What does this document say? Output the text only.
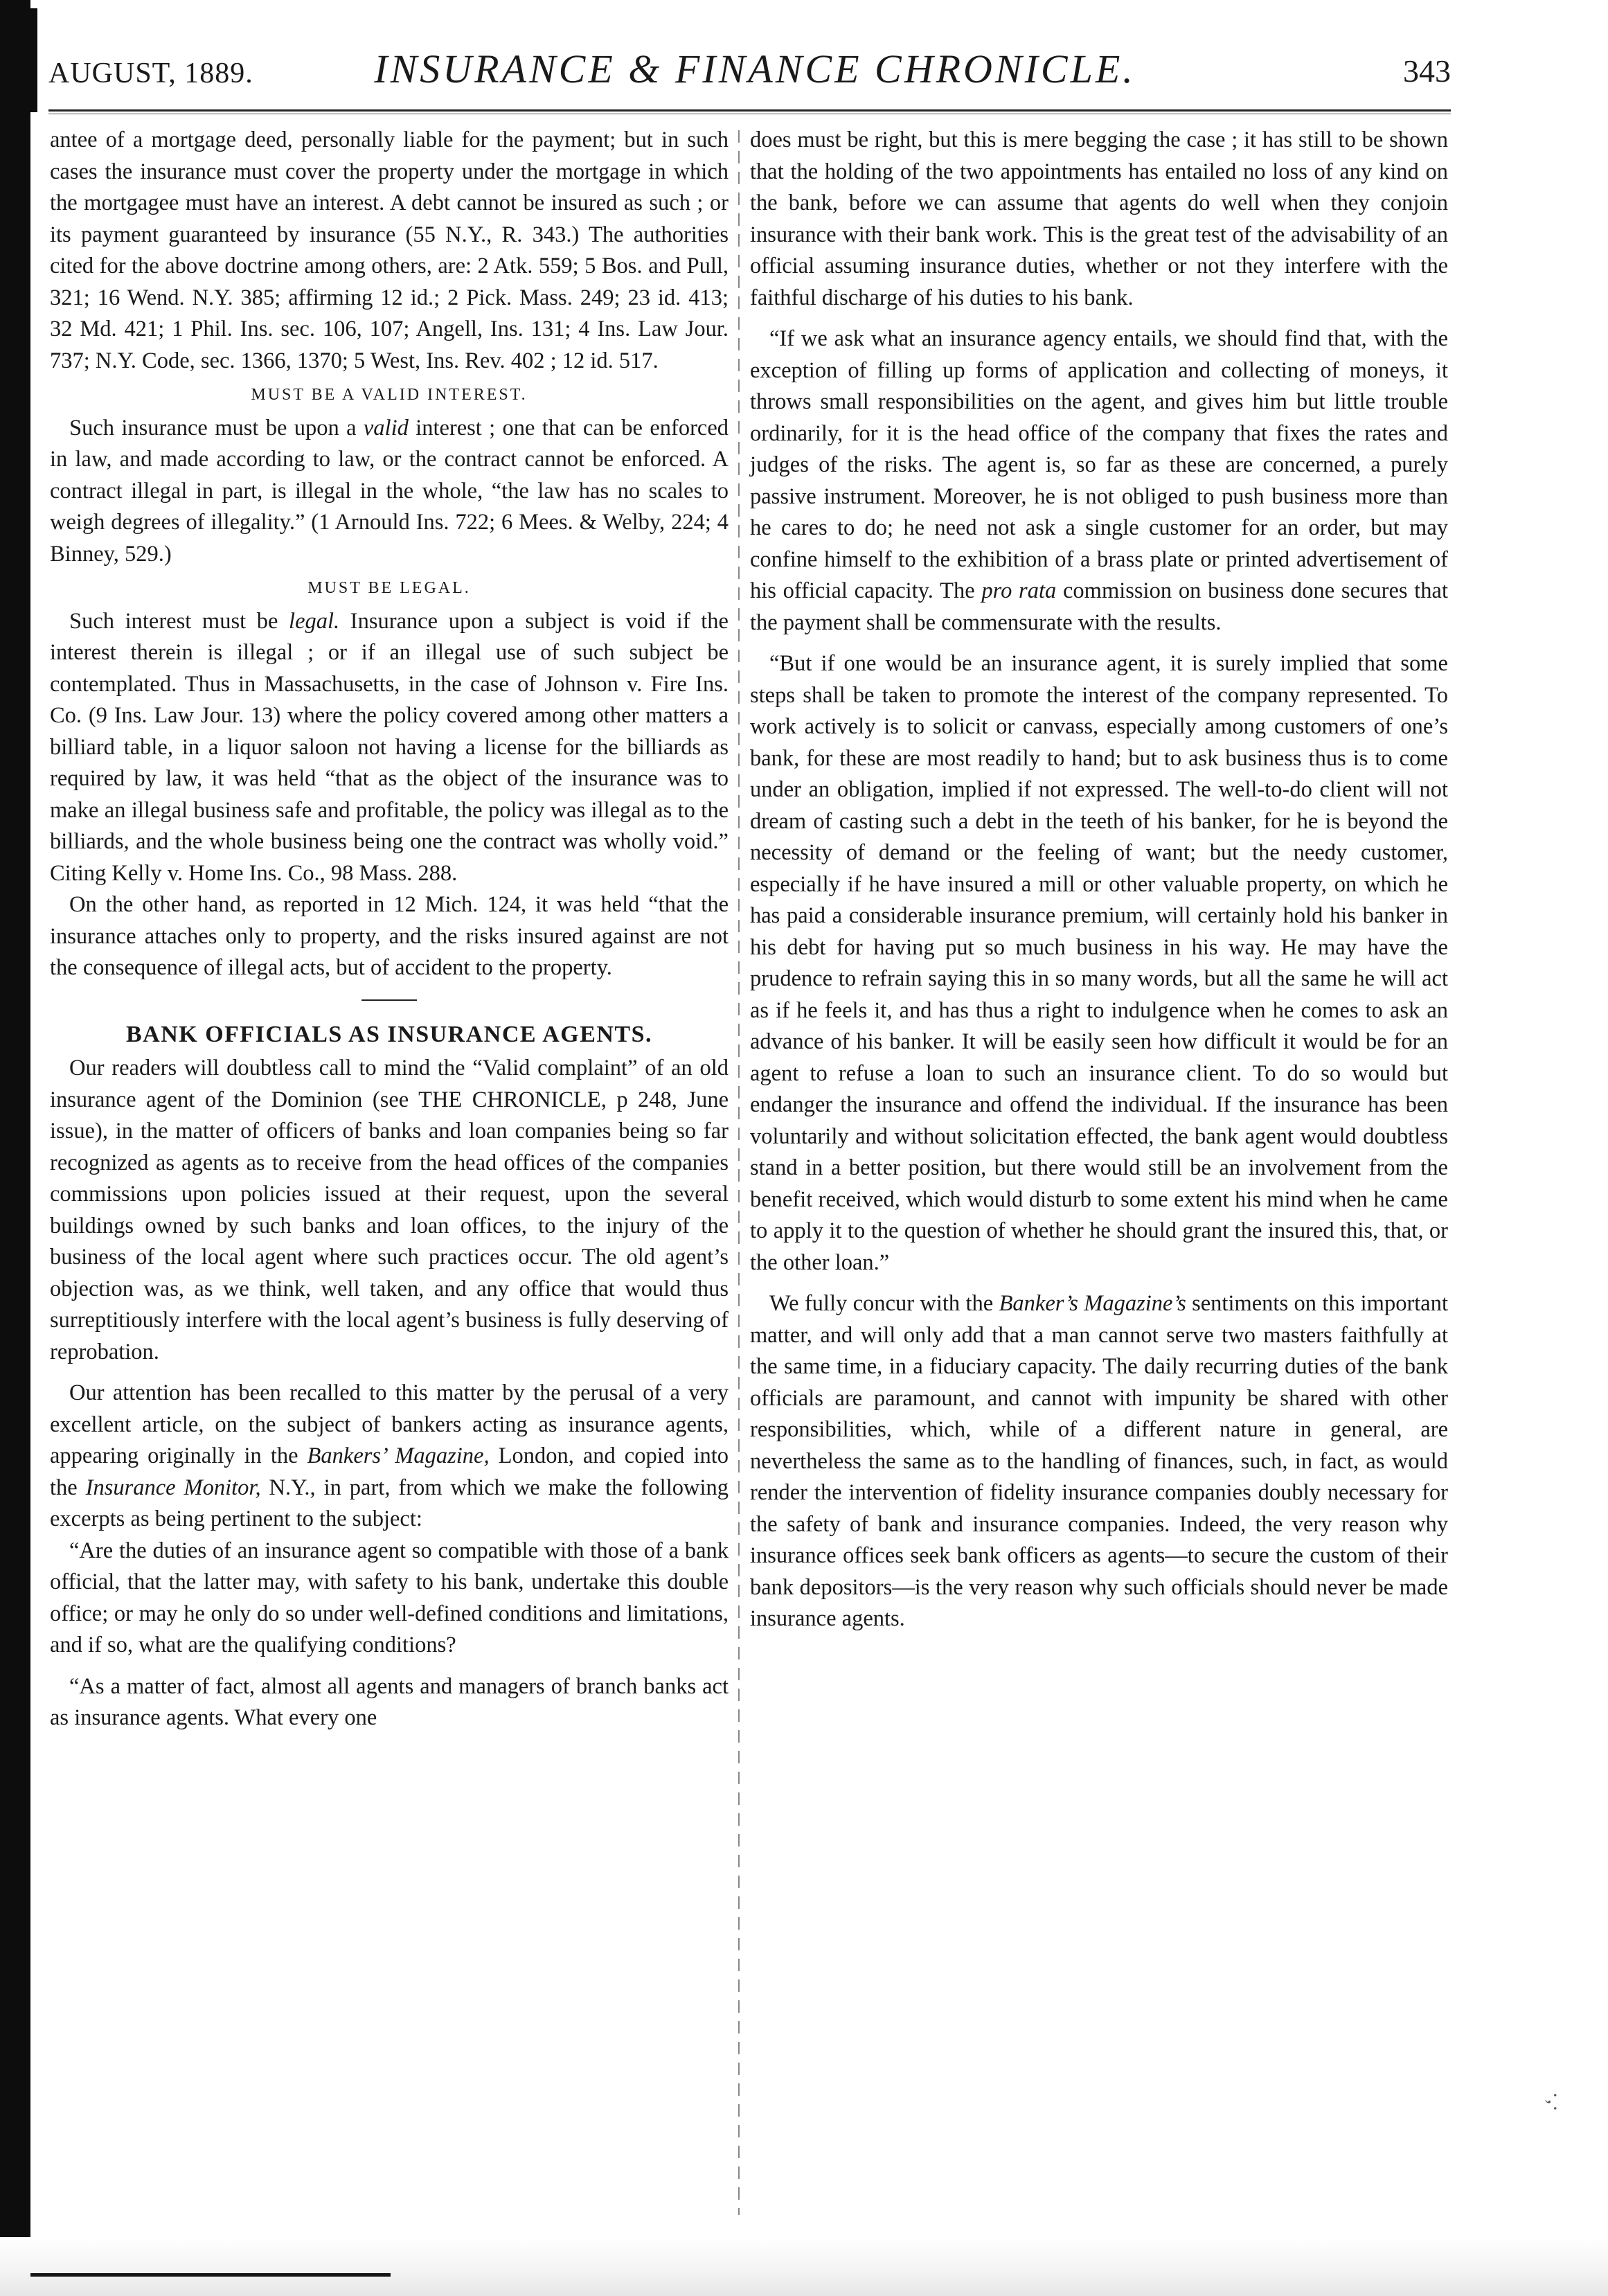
AUGUST, 1889.	INSURANCE & FINANCE CHRONICLE.	343

antee of a mortgage deed, personally liable for the payment; but in such cases the insurance must cover the property under the mortgage in which the mortgagee must have an interest. A debt cannot be insured as such ; or its payment guaranteed by insurance (55 N.Y., R. 343.) The authorities cited for the above doctrine among others, are: 2 Atk. 559; 5 Bos. and Pull, 321; 16 Wend. N.Y. 385; affirming 12 id.; 2 Pick. Mass. 249; 23 id. 413; 32 Md. 421; 1 Phil. Ins. sec. 106, 107; Angell, Ins. 131; 4 Ins. Law Jour. 737; N.Y. Code, sec. 1366, 1370; 5 West, Ins. Rev. 402 ; 12 id. 517.

MUST BE A VALID INTEREST.

Such insurance must be upon a valid interest ; one that can be enforced in law, and made according to law, or the contract cannot be enforced. A contract illegal in part, is illegal in the whole, “the law has no scales to weigh degrees of illegality.” (1 Arnould Ins. 722; 6 Mees. & Welby, 224; 4 Binney, 529.)

MUST BE LEGAL.

Such interest must be legal. Insurance upon a subject is void if the interest therein is illegal ; or if an illegal use of such subject be contemplated. Thus in Massachusetts, in the case of Johnson v. Fire Ins. Co. (9 Ins. Law Jour. 13) where the policy covered among other matters a billiard table, in a liquor saloon not having a license for the billiards as required by law, it was held “that as the object of the insurance was to make an illegal business safe and profitable, the policy was illegal as to the billiards, and the whole business being one the contract was wholly void.” Citing Kelly v. Home Ins. Co., 98 Mass. 288.

On the other hand, as reported in 12 Mich. 124, it was held “that the insurance attaches only to property, and the risks insured against are not the consequence of illegal acts, but of accident to the property.

BANK OFFICIALS AS INSURANCE AGENTS.

Our readers will doubtless call to mind the “Valid complaint” of an old insurance agent of the Dominion (see THE CHRONICLE, p 248, June issue), in the matter of officers of banks and loan companies being so far recognized as agents as to receive from the head offices of the companies commissions upon policies issued at their request, upon the several buildings owned by such banks and loan offices, to the injury of the business of the local agent where such practices occur. The old agent’s objection was, as we think, well taken, and any office that would thus surreptitiously interfere with the local agent’s business is fully deserving of reprobation.

Our attention has been recalled to this matter by the perusal of a very excellent article, on the subject of bankers acting as insurance agents, appearing originally in the Bankers’ Magazine, London, and copied into the Insurance Monitor, N.Y., in part, from which we make the following excerpts as being pertinent to the subject:

“Are the duties of an insurance agent so compatible with those of a bank official, that the latter may, with safety to his bank, undertake this double office; or may he only do so under well-defined conditions and limitations, and if so, what are the qualifying conditions?

“As a matter of fact, almost all agents and managers of branch banks act as insurance agents. What every one

does must be right, but this is mere begging the case ; it has still to be shown that the holding of the two appointments has entailed no loss of any kind on the bank, before we can assume that agents do well when they conjoin insurance with their bank work. This is the great test of the advisability of an official assuming insurance duties, whether or not they interfere with the faithful discharge of his duties to his bank.

“If we ask what an insurance agency entails, we should find that, with the exception of filling up forms of application and collecting of moneys, it throws small responsibilities on the agent, and gives him but little trouble ordinarily, for it is the head office of the company that fixes the rates and judges of the risks. The agent is, so far as these are concerned, a purely passive instrument. Moreover, he is not obliged to push business more than he cares to do; he need not ask a single customer for an order, but may confine himself to the exhibition of a brass plate or printed advertisement of his official capacity. The pro rata commission on business done secures that the payment shall be commensurate with the results.

“But if one would be an insurance agent, it is surely implied that some steps shall be taken to promote the interest of the company represented. To work actively is to solicit or canvass, especially among customers of one’s bank, for these are most readily to hand; but to ask business thus is to come under an obligation, implied if not expressed. The well-to-do client will not dream of casting such a debt in the teeth of his banker, for he is beyond the necessity of demand or the feeling of want; but the needy customer, especially if he have insured a mill or other valuable property, on which he has paid a considerable insurance premium, will certainly hold his banker in his debt for having put so much business in his way. He may have the prudence to refrain saying this in so many words, but all the same he will act as if he feels it, and has thus a right to indulgence when he comes to ask an advance of his banker. It will be easily seen how difficult it would be for an agent to refuse a loan to such an insurance client. To do so would but endanger the insurance and offend the individual. If the insurance has been voluntarily and without solicitation effected, the bank agent would doubtless stand in a better position, but there would still be an involvement from the benefit received, which would disturb to some extent his mind when he came to apply it to the question of whether he should grant the insured this, that, or the other loan.”

We fully concur with the Banker’s Magazine’s sentiments on this important matter, and will only add that a man cannot serve two masters faithfully at the same time, in a fiduciary capacity. The daily recurring duties of the bank officials are paramount, and cannot with impunity be shared with other responsibilities, which, while of a different nature in general, are nevertheless the same as to the handling of finances, such, in fact, as would render the intervention of fidelity insurance companies doubly necessary for the safety of bank and insurance companies. Indeed, the very reason why insurance offices seek bank officers as agents—to secure the custom of their bank depositors—is the very reason why such officials should never be made insurance agents.

· ‚ ·
